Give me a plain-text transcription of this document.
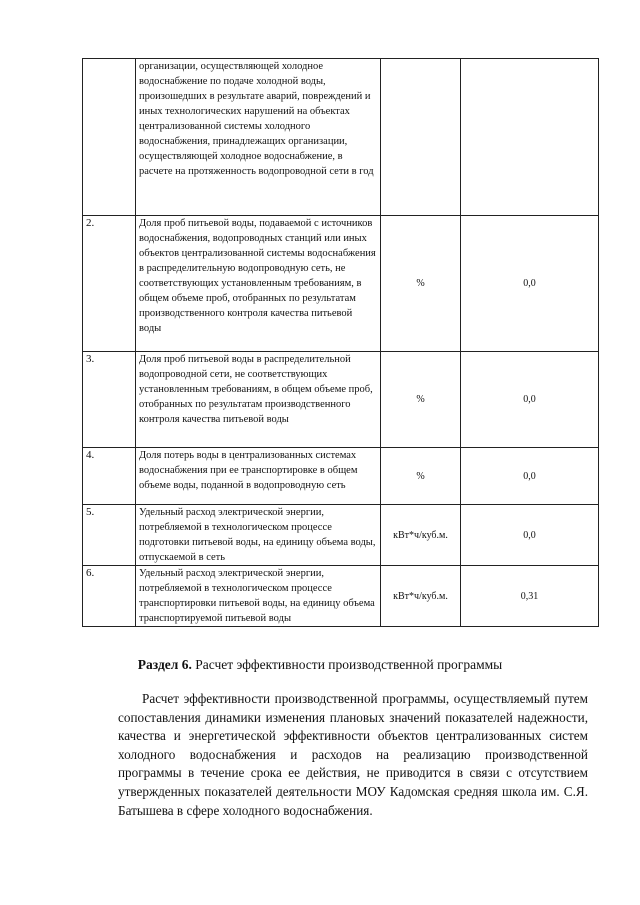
	организации, осуществляющей холодное водоснабжение по подаче холодной воды, произошедших в результате аварий, повреждений и иных технологических нарушений на объектах централизованной системы холодного водоснабжения, принадлежащих организации, осуществляющей холодное водоснабжение, в расчете на протяженность водопроводной сети в год		
2.	Доля проб питьевой воды, подаваемой с источников водоснабжения, водопроводных станций или иных объектов централизованной системы водоснабжения в распределительную водопроводную сеть, не соответствующих установленным требованиям, в общем объеме проб, отобранных по результатам производственного контроля качества питьевой воды	%	0,0
3.	Доля проб питьевой воды в распределительной водопроводной сети, не соответствующих установленным требованиям, в общем объеме проб, отобранных по результатам производственного контроля качества питьевой воды	%	0,0
4.	Доля потерь воды в централизованных системах водоснабжения при ее транспортировке в общем объеме воды, поданной в водопроводную сеть	%	0,0
5.	Удельный расход электрической энергии, потребляемой в технологическом процессе подготовки питьевой воды, на единицу объема воды, отпускаемой в сеть	кВт*ч/куб.м.	0,0
6.	Удельный расход электрической энергии, потребляемой в технологическом процессе транспортировки питьевой воды, на единицу объема транспортируемой питьевой воды	кВт*ч/куб.м.	0,31
Раздел 6. Расчет эффективности производственной программы
Расчет эффективности производственной программы, осуществляемый путем сопоставления динамики изменения плановых значений показателей надежности, качества и энергетической эффективности объектов централизованных систем холодного водоснабжения и расходов на реализацию производственной программы в течение срока ее действия, не приводится в связи с отсутствием утвержденных показателей деятельности МОУ Кадомская средняя школа им. С.Я. Батышева в сфере холодного водоснабжения.
